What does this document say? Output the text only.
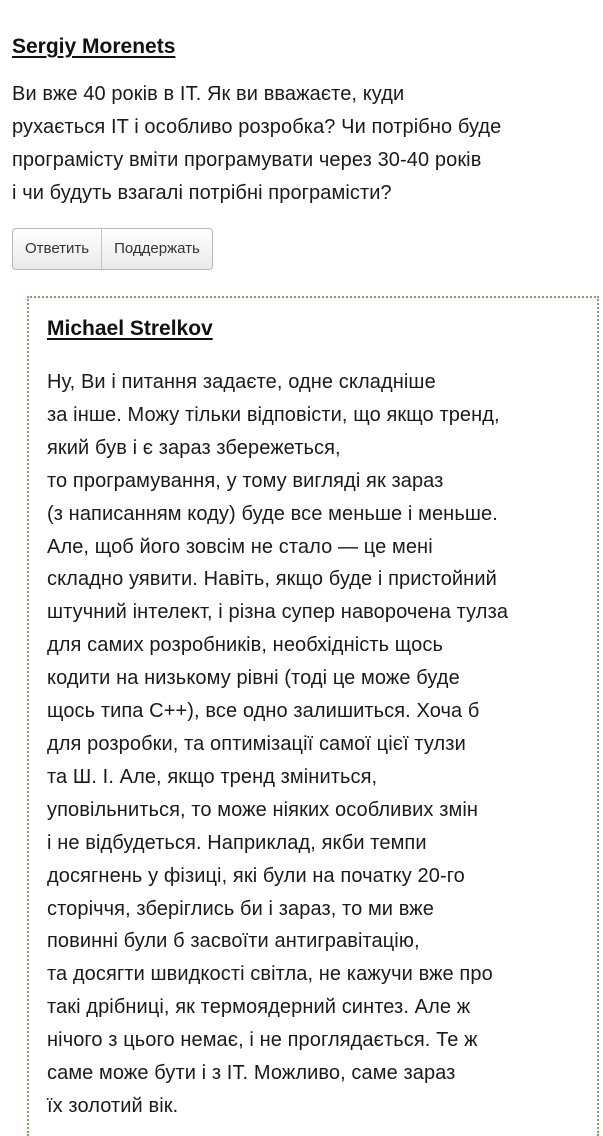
Sergiy Morenets
Ви вже 40 років в IT. Як ви вважаєте, куди
рухається IT і особливо розробка? Чи потрібно буде
програмісту вміти програмувати через 30-40 років
і чи будуть взагалі потрібні програмісти?
Ответить	Поддержать
Michael Strelkov
Ну, Ви і питання задаєте, одне складніше
за інше. Можу тільки відповісти, що якщо тренд,
який був і є зараз збережеться,
то програмування, у тому вигляді як зараз
(з написанням коду) буде все меньше і меньше.
Але, щоб його зовсім не стало — це мені
складно уявити. Навіть, якщо буде і пристойний
штучний інтелект, і різна супер наворочена тулза
для самих розробників, необхідність щось
кодити на низькому рівні (тоді це може буде
щось типа С++), все одно залишиться. Хоча б
для розробки, та оптимізації самої цієї тулзи
та Ш. І. Але, якщо тренд зміниться,
уповільниться, то може ніяких особливих змін
і не відбудеться. Наприклад, якби темпи
досягнень у фізиці, які були на початку 20-го
сторіччя, зберіглись би і зараз, то ми вже
повинні були б засвоїти антигравітацію,
та досягти швидкості світла, не кажучи вже про
такі дрібниці, як термоядерний синтез. Але ж
нічого з цього немає, і не проглядається. Те ж
саме може бути і з IT. Можливо, саме зараз
їх золотий вік.
